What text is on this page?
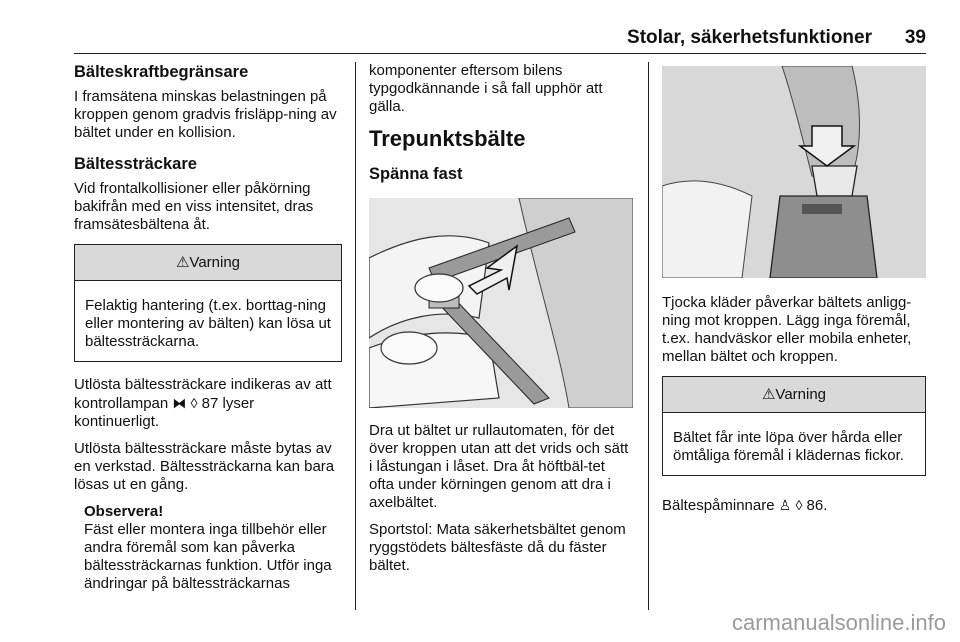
Stolar, säkerhetsfunktioner 39
Bälteskraftbegränsare

I framsätena minskas belastningen på kroppen genom gradvis frisläpp-ning av bältet under en kollision.

Bältessträckare

Vid frontalkollisioner eller påkörning bakifrån med en viss intensitet, dras framsätesbältena åt.

⚠Varning
Felaktig hantering (t.ex. borttag-ning eller montering av bälten) kan lösa ut bältessträckarna.

Utlösta bältessträckare indikeras av att kontrollampan ⧓ ◊ 87 lyser kontinuerligt.

Utlösta bältessträckare måste bytas av en verkstad. Bältessträckarna kan bara lösas ut en gång.

Observera!
Fäst eller montera inga tillbehör eller andra föremål som kan påverka bältessträckarnas funktion. Utför inga ändringar på bältessträckarnas

komponenter eftersom bilens typgodkännande i så fall upphör att gälla.

Trepunktsbälte
Spänna fast

Dra ut bältet ur rullautomaten, för det över kroppen utan att det vrids och sätt i låstungan i låset. Dra åt höftbäl-tet ofta under körningen genom att dra i axelbältet.

Sportstol: Mata säkerhetsbältet genom ryggstödets bältesfäste då du fäster bältet.

Tjocka kläder påverkar bältets anligg-ning mot kroppen. Lägg inga föremål, t.ex. handväskor eller mobila enheter, mellan bältet och kroppen.

⚠Varning
Bältet får inte löpa över hårda eller ömtåliga föremål i klädernas fickor.

Bältespåminnare ♙ ◊ 86.

carmanualsonline.info
